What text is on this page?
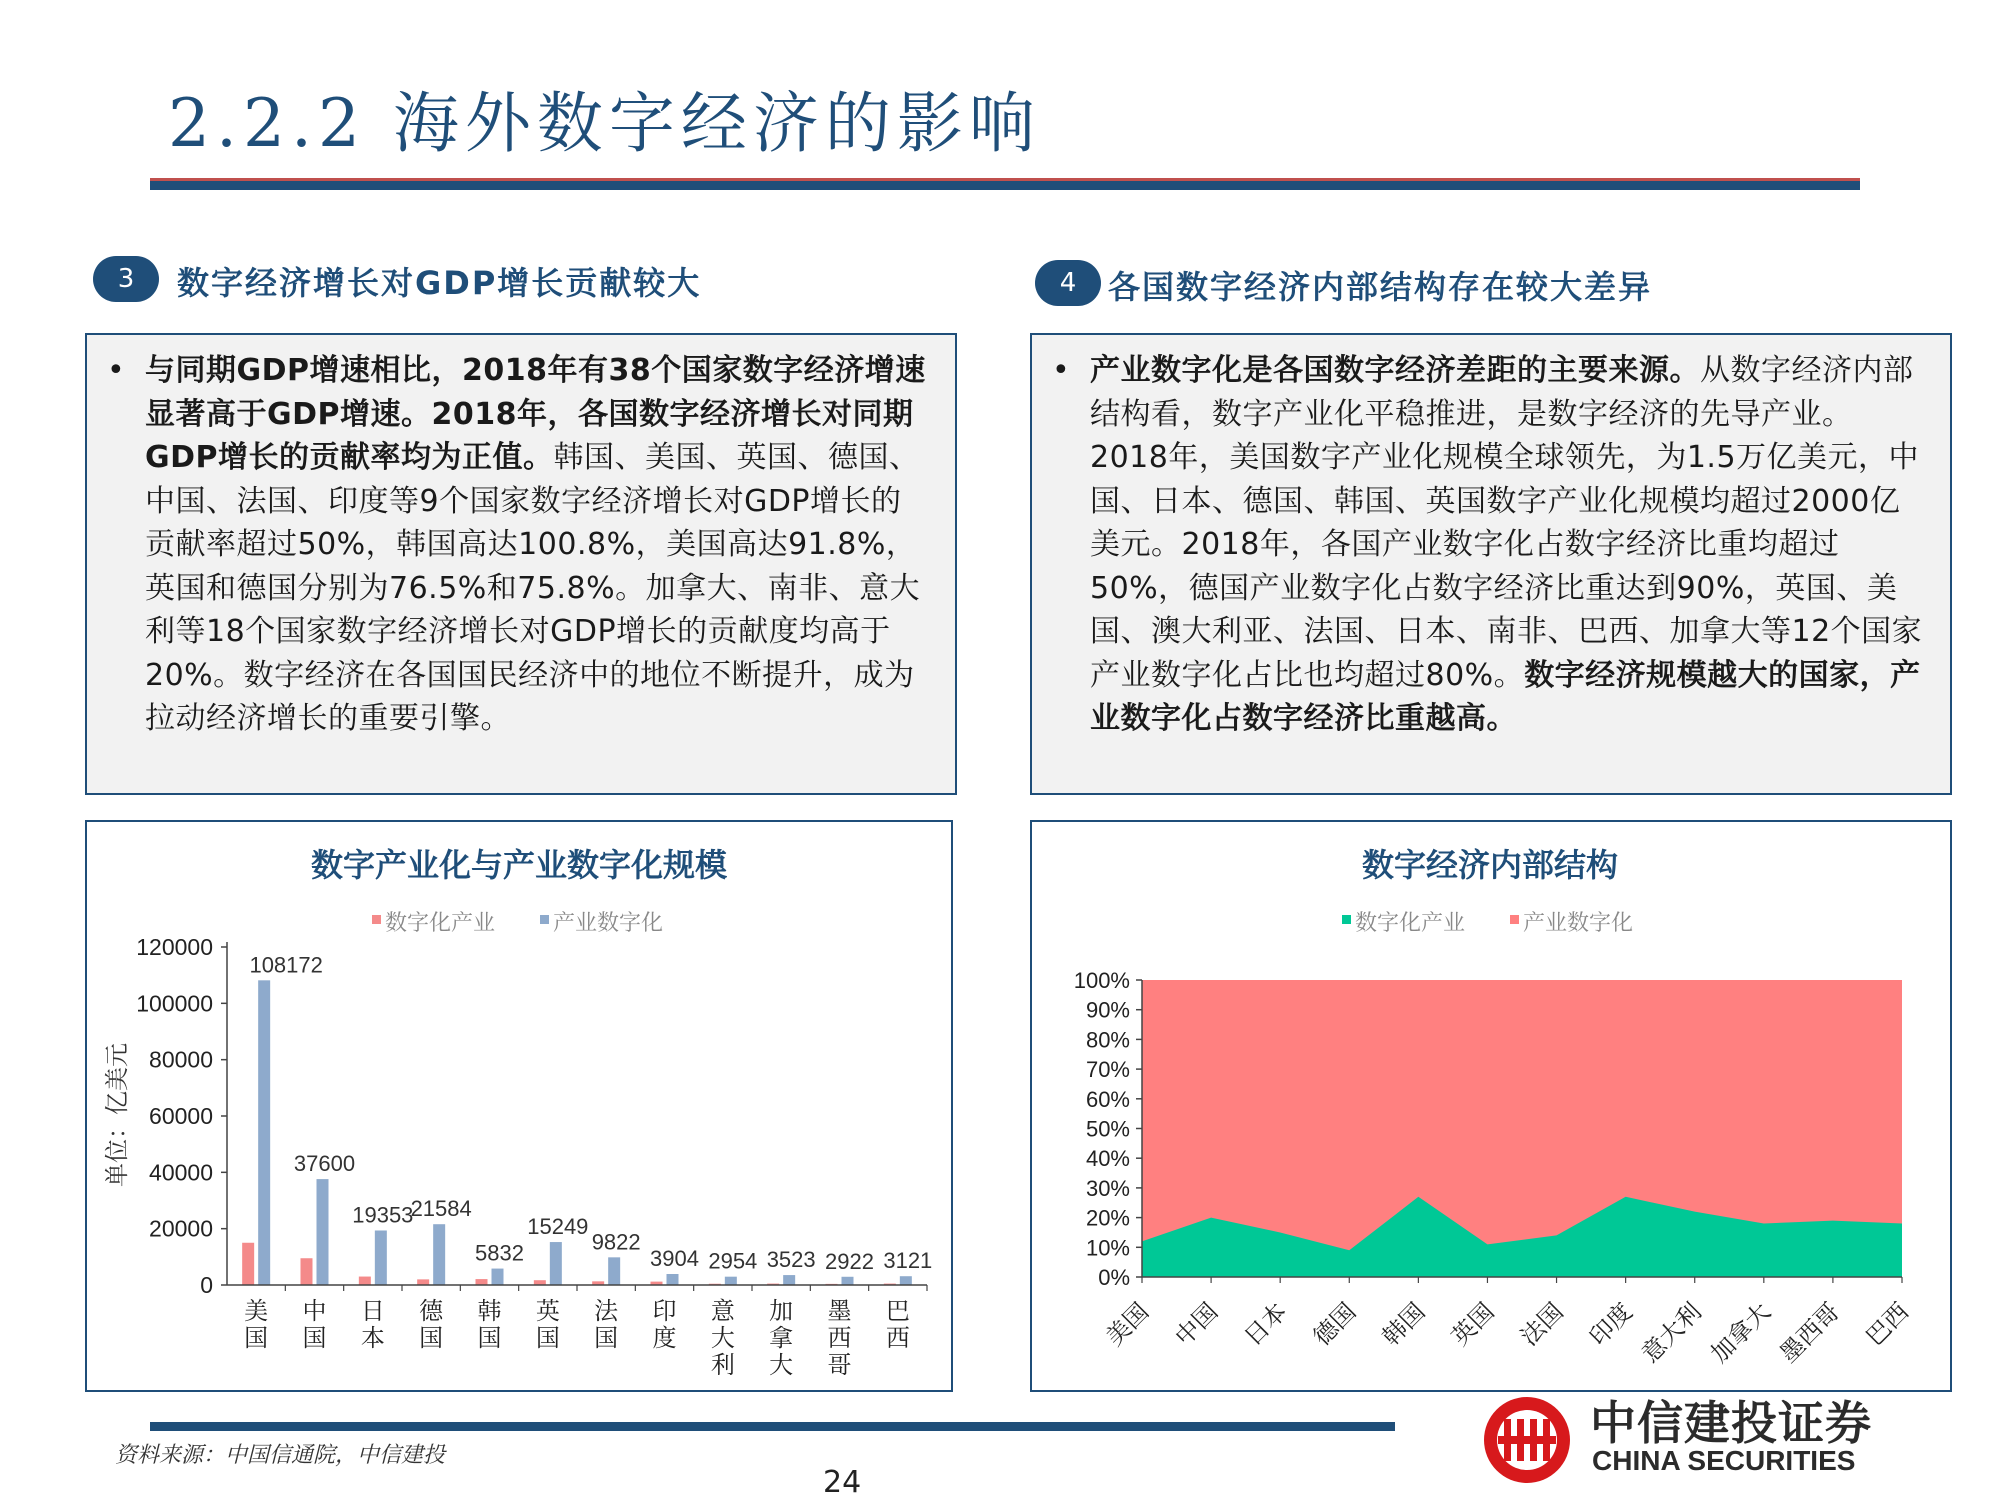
2.2.2 海外数字经济的影响
3	数字经济增长对GDP增长贡献较大
• 与同期GDP增速相比，2018年有38个国家数字经济增速显著高于GDP增速。2018年，各国数字经济增长对同期GDP增长的贡献率均为正值。韩国、美国、英国、德国、中国、法国、印度等9个国家数字经济增长对GDP增长的贡献率超过50%，韩国高达100.8%，美国高达91.8%，英国和德国分别为76.5%和75.8%。加拿大、南非、意大利等18个国家数字经济增长对GDP增长的贡献度均高于20%。数字经济在各国国民经济中的地位不断提升，成为拉动经济增长的重要引擎。
4 各国数字经济内部结构存在较大差异
• 产业数字化是各国数字经济差距的主要来源。从数字经济内部结构看，数字产业化平稳推进，是数字经济的先导产业。2018年，美国数字产业化规模全球领先，为1.5万亿美元，中国、日本、德国、韩国、英国数字产业化规模均超过2000亿美元。2018年，各国产业数字化占数字经济比重均超过50%，德国产业数字化占数字经济比重达到90%，英国、美国、澳大利亚、法国、日本、南非、巴西、加拿大等12个国家产业数字化占比也均超过80%。数字经济规模越大的国家，产业数字化占数字经济比重越高。
数字产业化与产业数字化规模
数字化产业	产业数字化
单位：亿美元
0
20000
40000
60000
80000
100000
120000
108172
37600
19353
21584
5832
15249
9822
3904 2954 3523 2922 3121
美
国
中
国
日
本
德
国
韩
国
英
国
法
国
印
度
意
大
利
加
拿
大
墨
西
哥
巴
西
数字经济内部结构
数字化产业	产业数字化
0%
10%
20%
30%
40%
50%
60%
70%
80%
90%
100%
美国 中国 日本 德国 韩国 英国 法国 印度 意大利 加拿大 墨西哥 巴西
资料来源：中国信通院，中信建投
24
中信建投证券
CHINA SECURITIES
